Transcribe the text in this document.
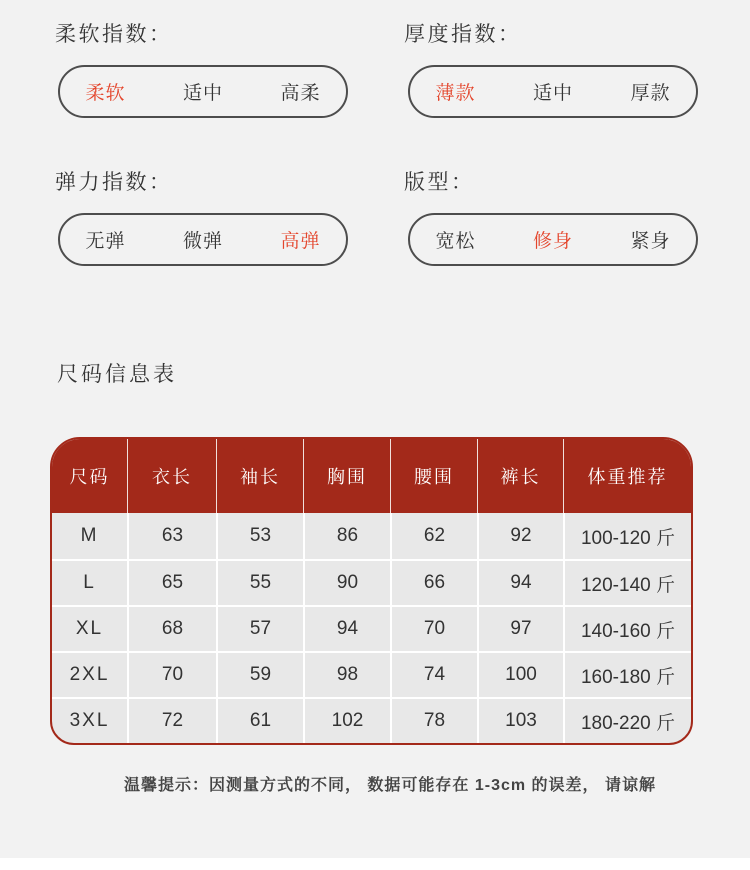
柔软指数：
柔软	适中	高柔
厚度指数：
薄款	适中	厚款
弹力指数：
无弹	微弹	高弹
版型：
宽松	修身	紧身
尺码信息表
尺码	衣长	袖长	胸围	腰围	裤长	体重推荐
M	63	53	86	62	92	100-120 斤
L	65	55	90	66	94	120-140 斤
XL	68	57	94	70	97	140-160 斤
2XL	70	59	98	74	100	160-180 斤
3XL	72	61	102	78	103	180-220 斤
温馨提示：因测量方式的不同， 数据可能存在 1-3cm 的误差， 请谅解
